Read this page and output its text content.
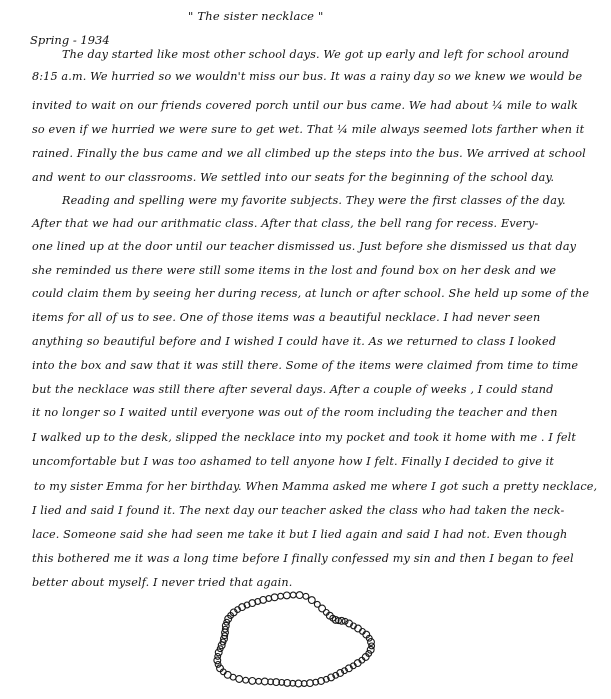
" The sister necklace "
Spring - 1934
The day started like most other school days. We got up early and left for school around
8:15 a.m. We hurried so we wouldn't miss our bus. It was a rainy day so we knew we would be
invited to wait on our friends covered porch until our bus came. We had about ¼ mile to walk
so even if we hurried we were sure to get wet. That ¼ mile always seemed lots farther when it
rained. Finally the bus came and we all climbed up the steps into the bus. We arrived at school
and went to our classrooms. We settled into our seats for the beginning of the school day.
Reading and spelling were my favorite subjects. They were the first classes of the day.
After that we had our arithmatic class. After that class, the bell rang for recess. Every-
one lined up at the door until our teacher dismissed us. Just before she dismissed us that day
she reminded us there were still some items in the lost and found box on her desk and we
could claim them by seeing her during recess, at lunch or after school. She held up some of the
items for all of us to see. One of those items was a beautiful necklace. I had never seen
anything so beautiful before and I wished I could have it. As we returned to class I looked
into the box and saw that it was still there. Some of the items were claimed from time to time
but the necklace was still there after several days. After a couple of weeks , I could stand
it no longer so I waited until everyone was out of the room including the teacher and then
I walked up to the desk, slipped the necklace into my pocket and took it home with me . I felt
uncomfortable but I was too ashamed to tell anyone how I felt. Finally I decided to give it
to my sister Emma for her birthday. When Mamma asked me where I got such a pretty necklace,
I lied and said I found it. The next day our teacher asked the class who had taken the neck-
lace. Someone said she had seen me take it but I lied again and said I had not. Even though
this bothered me it was a long time before I finally confessed my sin and then I began to feel
better about myself. I never tried that again.
